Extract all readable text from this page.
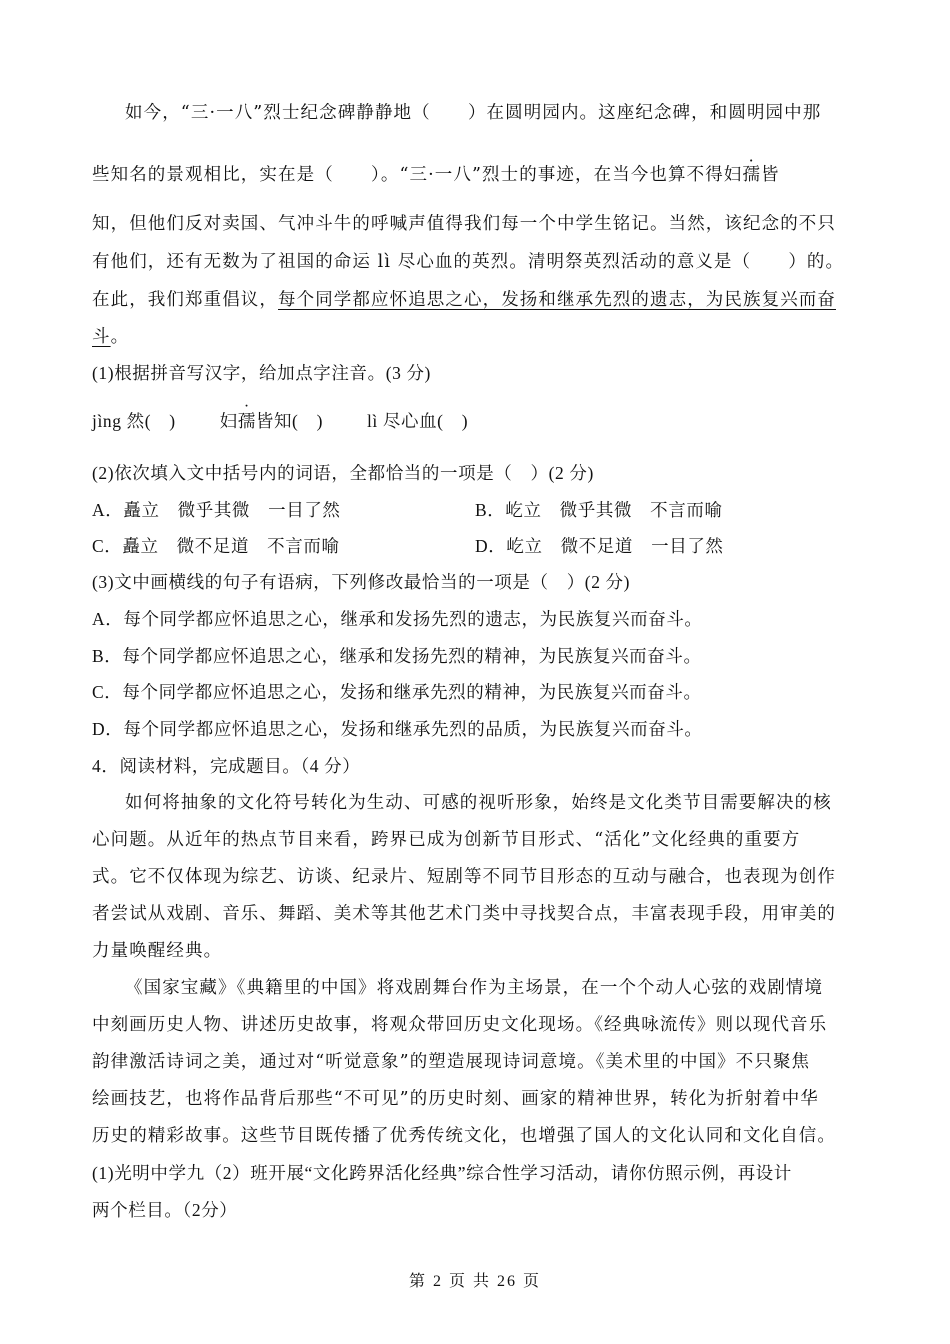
如今，“三·一八”烈士纪念碑静静地（　　）在圆明园内。这座纪念碑，和圆明园中那
些知名的景观相比，实在是（　　）。“三·一八”烈士的事迹，在当今也算不得妇孺皆
知，但他们反对卖国、气冲斗牛的呼喊声值得我们每一个中学生铭记。当然，该纪念的不只
有他们，还有无数为了祖国的命运 lì 尽心血的英烈。清明祭英烈活动的意义是（　　）的。
在此，我们郑重倡议，每个同学都应怀追思之心，发扬和继承先烈的遗志，为民族复兴而奋
斗。
(1)根据拼音写汉字，给加点字注音。(3 分)
jìng 然(　)	妇孺皆知(　)	lì 尽心血(　)
(2)依次填入文中括号内的词语，全都恰当的一项是（　）(2 分)
A．矗立　微乎其微　一目了然	B．屹立　微乎其微　不言而喻
C．矗立　微不足道　不言而喻	D．屹立　微不足道　一目了然
(3)文中画横线的句子有语病，下列修改最恰当的一项是（　）(2 分)
A．每个同学都应怀追思之心，继承和发扬先烈的遗志，为民族复兴而奋斗。
B．每个同学都应怀追思之心，继承和发扬先烈的精神，为民族复兴而奋斗。
C．每个同学都应怀追思之心，发扬和继承先烈的精神，为民族复兴而奋斗。
D．每个同学都应怀追思之心，发扬和继承先烈的品质，为民族复兴而奋斗。
4．阅读材料，完成题目。（4 分）
如何将抽象的文化符号转化为生动、可感的视听形象，始终是文化类节目需要解决的核
心问题。从近年的热点节目来看，跨界已成为创新节目形式、“活化”文化经典的重要方
式。它不仅体现为综艺、访谈、纪录片、短剧等不同节目形态的互动与融合，也表现为创作
者尝试从戏剧、音乐、舞蹈、美术等其他艺术门类中寻找契合点，丰富表现手段，用审美的
力量唤醒经典。
《国家宝藏》《典籍里的中国》将戏剧舞台作为主场景，在一个个动人心弦的戏剧情境
中刻画历史人物、讲述历史故事，将观众带回历史文化现场。《经典咏流传》则以现代音乐
韵律激活诗词之美，通过对“听觉意象”的塑造展现诗词意境。《美术里的中国》不只聚焦
绘画技艺，也将作品背后那些“不可见”的历史时刻、画家的精神世界，转化为折射着中华
历史的精彩故事。这些节目既传播了优秀传统文化，也增强了国人的文化认同和文化自信。
(1)光明中学九（2）班开展“文化跨界活化经典”综合性学习活动，请你仿照示例，再设计
两个栏目。（2分）
第 2 页 共 26 页
